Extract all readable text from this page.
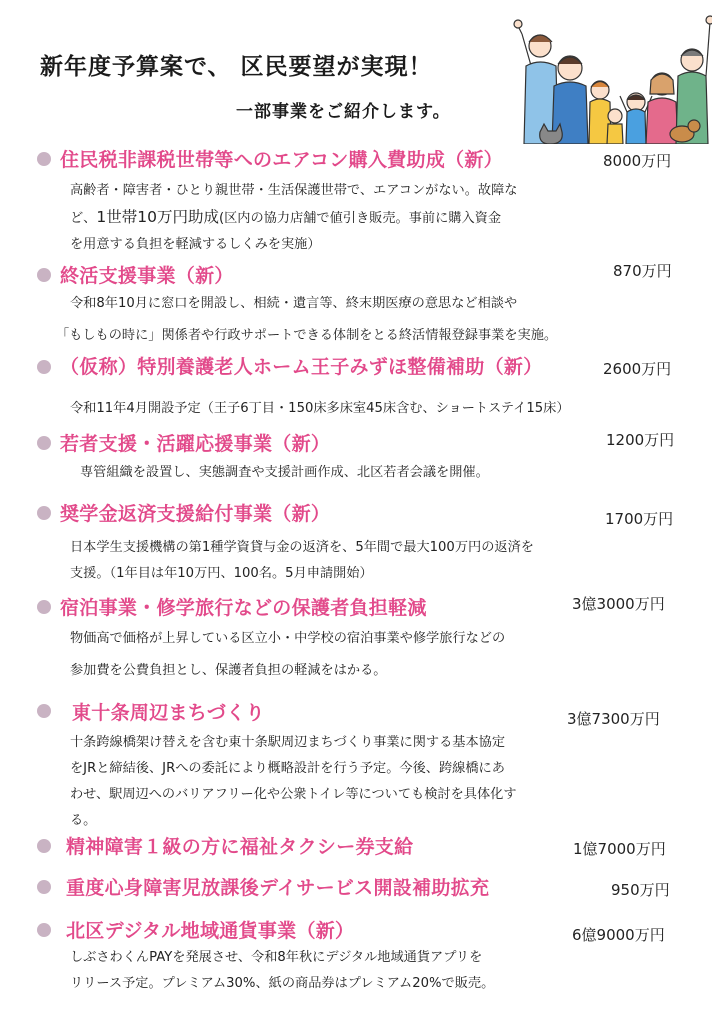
新年度予算案で、 区民要望が実現！
一部事業をご紹介します。
住民税非課税世帯等へのエアコン購入費助成（新）	8000万円
高齢者・障害者・ひとり親世帯・生活保護世帯で、エアコンがない。故障な
ど、1世帯10万円助成(区内の協力店舗で値引き販売。事前に購入資金
を用意する負担を軽減するしくみを実施）
終活支援事業（新）	870万円
令和8年10月に窓口を開設し、相続・遺言等、終末期医療の意思など相談や
「もしもの時に」関係者や行政サポートできる体制をとる終活情報登録事業を実施。
（仮称）特別養護老人ホーム王子みずほ整備補助（新）	2600万円
令和11年4月開設予定（王子6丁目・150床多床室45床含む、ショートステイ15床）
若者支援・活躍応援事業（新）	1200万円
専管組織を設置し、実態調査や支援計画作成、北区若者会議を開催。
奨学金返済支援給付事業（新）	1700万円
日本学生支援機構の第1種学資貸与金の返済を、5年間で最大100万円の返済を
支援。（1年目は年10万円、100名。5月申請開始）
宿泊事業・修学旅行などの保護者負担軽減	3億3000万円
物価高で価格が上昇している区立小・中学校の宿泊事業や修学旅行などの
参加費を公費負担とし、保護者負担の軽減をはかる。
東十条周辺まちづくり	3億7300万円
十条跨線橋架け替えを含む東十条駅周辺まちづくり事業に関する基本協定
をJRと締結後、JRへの委託により概略設計を行う予定。今後、跨線橋にあ
わせ、駅周辺へのバリアフリー化や公衆トイレ等についても検討を具体化す
る。
精神障害１級の方に福祉タクシー券支給	1億7000万円
重度心身障害児放課後デイサービス開設補助拡充	950万円
北区デジタル地域通貨事業（新）	6億9000万円
しぶさわくんPAYを発展させ、令和8年秋にデジタル地域通貨アプリを
リリース予定。プレミアム30%、紙の商品券はプレミアム20%で販売。
